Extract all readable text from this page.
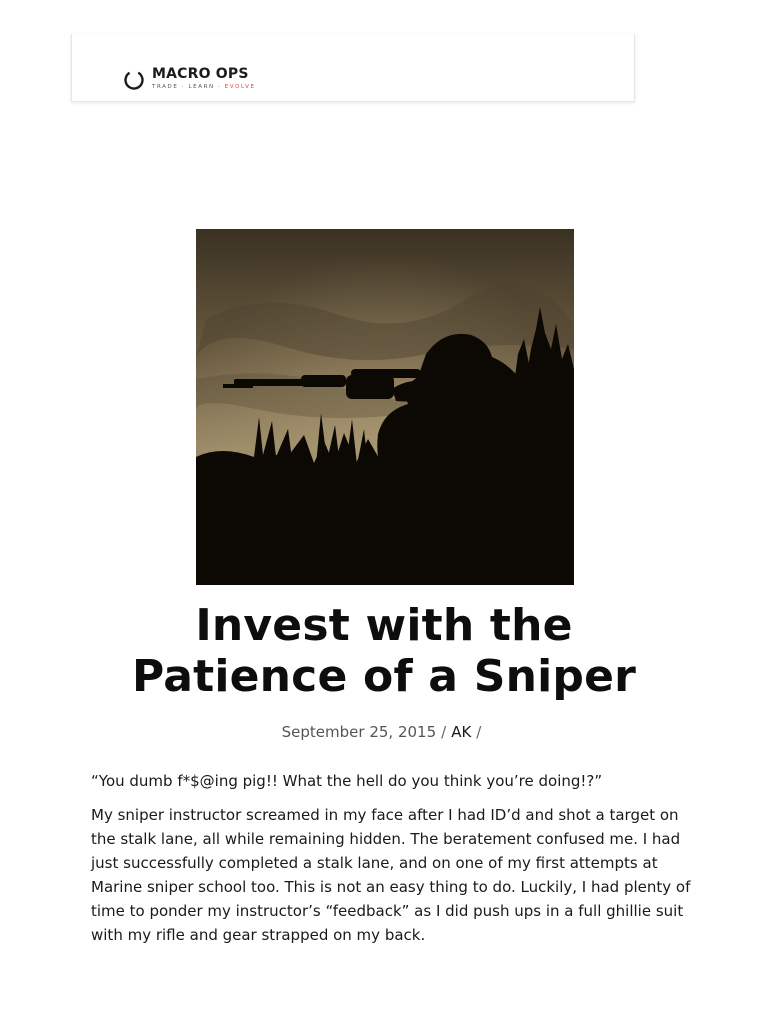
MACRO OPS
TRADE · LEARN · EVOLVE
Invest with the
Patience of a Sniper
September 25, 2015 / AK /

“You dumb f*$@ing pig!! What the hell do you think you’re doing!?”

My sniper instructor screamed in my face after I had ID’d and shot a target on the stalk lane, all while remaining hidden. The beratement confused me. I had just successfully completed a stalk lane, and on one of my first attempts at Marine sniper school too. This is not an easy thing to do. Luckily, I had plenty of time to ponder my instructor’s “feedback” as I did push ups in a full ghillie suit with my rifle and gear strapped on my back.
